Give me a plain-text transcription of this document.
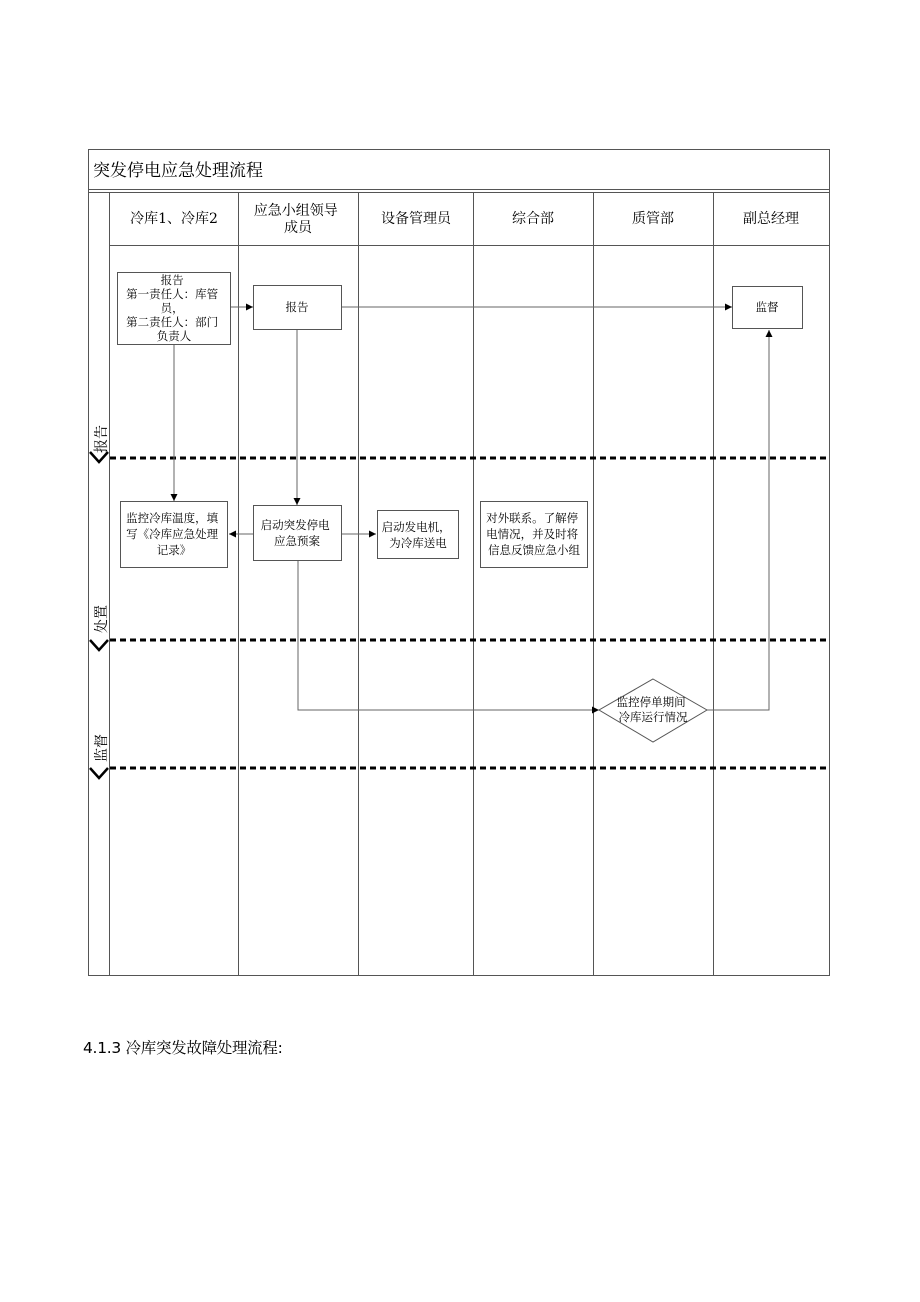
突发停电应急处理流程
冷库1、冷库2	应急小组领导 成员
设备管理员	综合部	质管部	副总经理
报告
处置
监督
报告 第一责任人：库管 员， 第二责任人：部门 负责人
报告	监督
监控冷库温度，填 写《冷库应急处理 记录》
启动突发停电 应急预案
启动发电机， 为冷库送电
对外联系。了解停 电情况，并及时将 信息反馈应急小组
监控停单期间 冷库运行情况
4.1.3 冷库突发故障处理流程:
